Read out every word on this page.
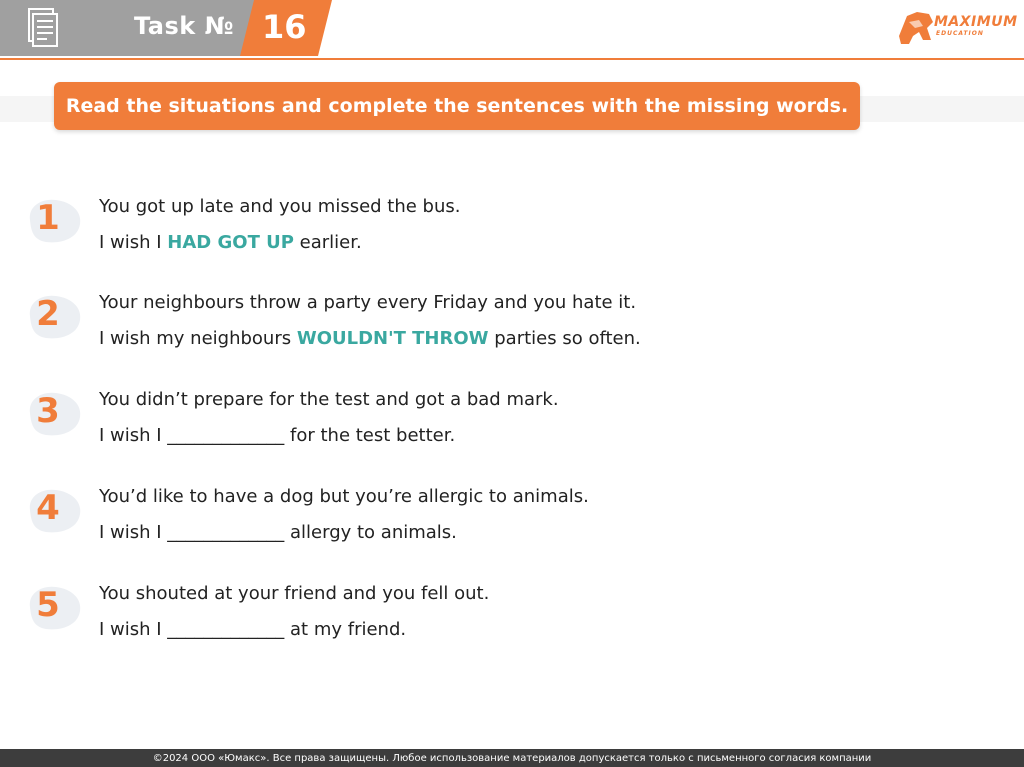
Task № 16	MAXIMUM
EDUCATION
Read the situations and complete the sentences with the missing words.
1	You got up late and you missed the bus.
I wish I HAD GOT UP earlier.
2	Your neighbours throw a party every Friday and you hate it.
I wish my neighbours WOULDN'T THROW parties so often.
3	You didn’t prepare for the test and got a bad mark.
I wish I _____________ for the test better.
4	You’d like to have a dog but you’re allergic to animals.
I wish I _____________ allergy to animals.
5	You shouted at your friend and you fell out.
I wish I _____________ at my friend.
©2024 ООО «Юмакс». Все права защищены. Любое использование материалов допускается только с письменного согласия компании
